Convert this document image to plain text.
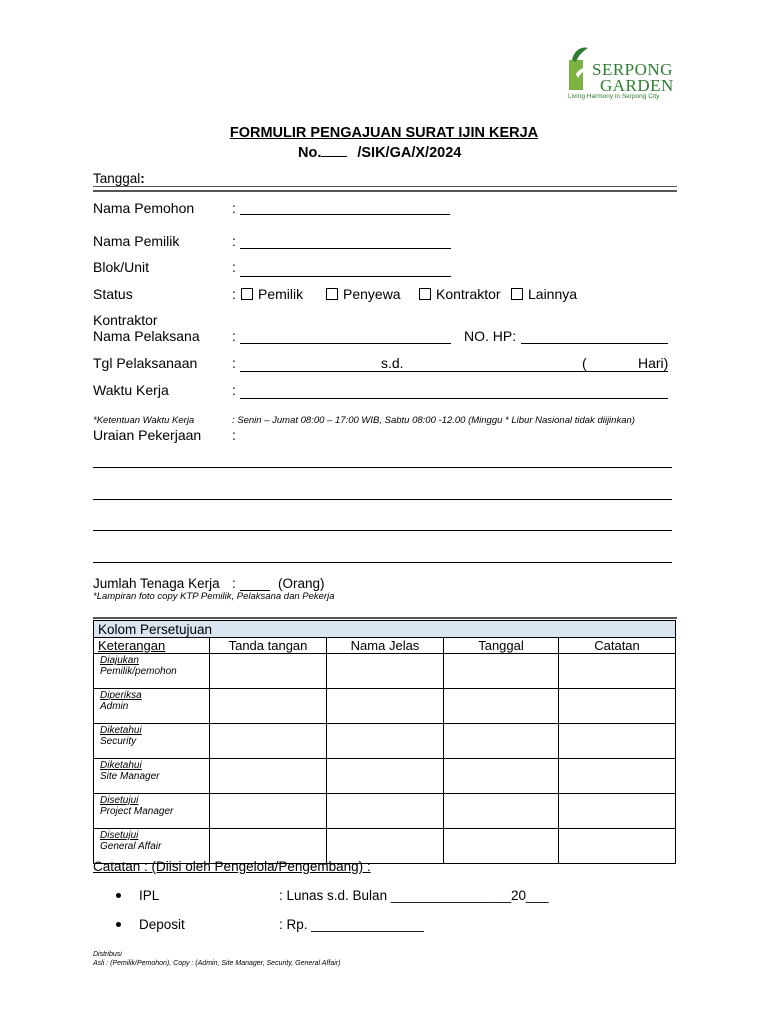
SERPONG
GARDEN
Living Harmony in Serpong City
FORMULIR PENGAJUAN SURAT IJIN KERJA
No. /SIK/GA/X/2024
Tanggal:
Nama Pemohon	:
Nama Pemilik	:
Blok/Unit	:
Status	:	Pemilik	Penyewa	Kontraktor	Lainnya
Kontraktor
Nama Pelaksana :	NO. HP:
Tgl Pelaksanaan :	s.d.	(	Hari)
Waktu Kerja	:
*Ketentuan Waktu Kerja	: Senin – Jumat 08:00 – 17:00 WIB, Sabtu 08:00 -12.00 (Minggu * Libur Nasional tidak diijinkan)
Uraian Pekerjaan :
Jumlah Tenaga Kerja :	(Orang)
*Lampiran foto copy KTP Pemilik, Pelaksana dan Pekerja
Kolom Persetujuan				
Keterangan	Tanda tangan	Nama Jelas	Tanggal	Catatan

Diajukan
Pemilik/pemohon				

Diperiksa
Admin				

Diketahui
Security				

Diketahui
Site Manager				

Disetujui
Project Manager				

Disetujui
General Affair				
Catatan : (Diisi oleh Pengelola/Pengembang) :
IPL	: Lunas s.d. Bulan ________________20___
Deposit	: Rp. _______________
Distribusi
Asli : (Pemilik/Pemohon), Copy : (Admin, Site Manager, Security, General Affair)
